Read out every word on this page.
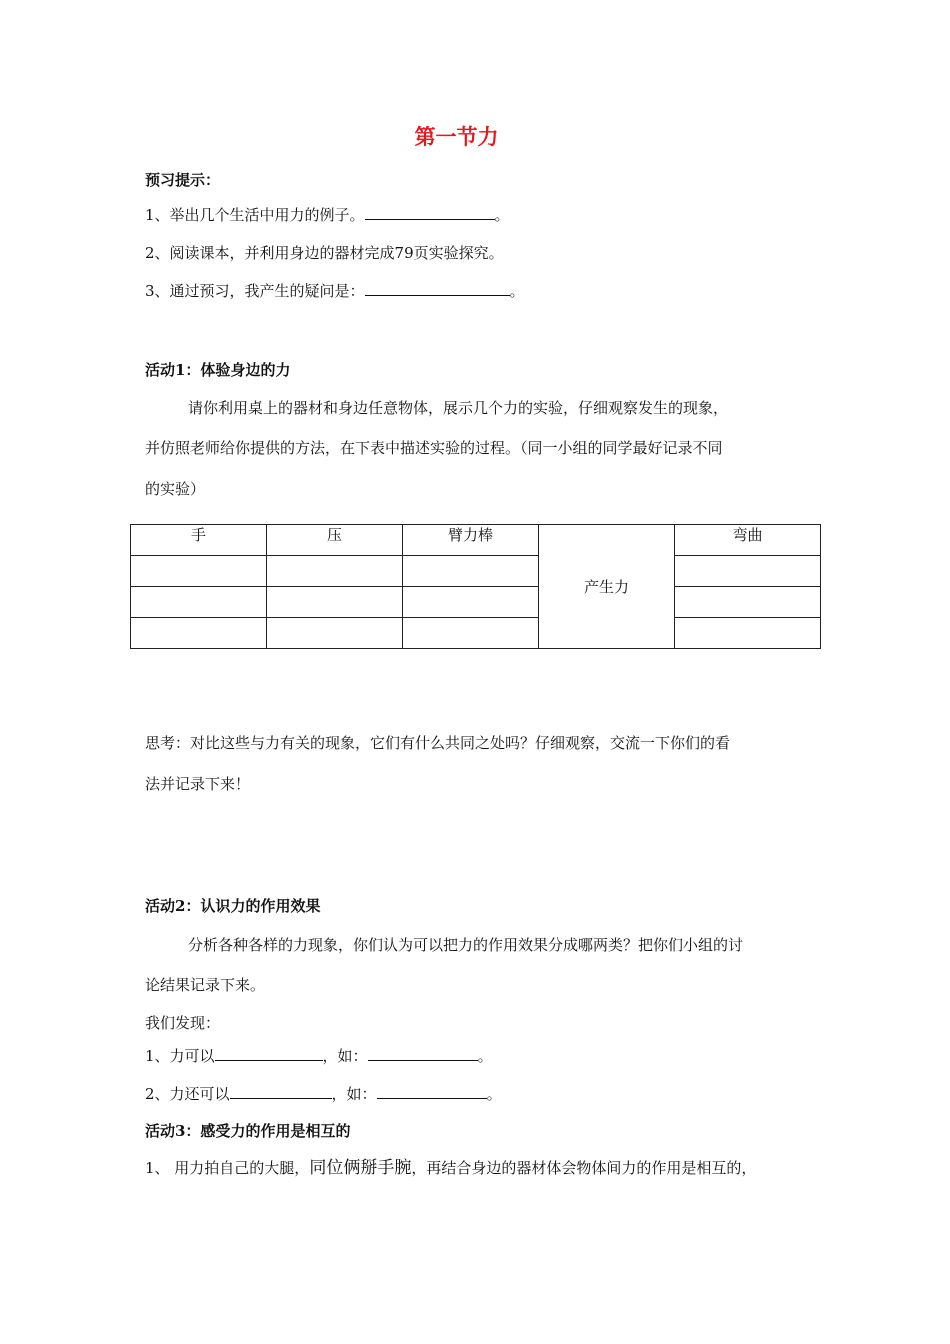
第一节力
预习提示：
1、举出几个生活中用力的例子。	。
2、阅读课本，并利用身边的器材完成79页实验探究。
3、通过预习，我产生的疑问是：	。
活动1：体验身边的力
请你利用桌上的器材和身边任意物体，展示几个力的实验，仔细观察发生的现象，
并仿照老师给你提供的方法，在下表中描述实验的过程。（同一小组的同学最好记录不同
的实验）
手	压	臂力棒	产生力	弯曲

思考：对比这些与力有关的现象，它们有什么共同之处吗？仔细观察，交流一下你们的看
法并记录下来！
活动2：认识力的作用效果
分析各种各样的力现象，你们认为可以把力的作用效果分成哪两类？把你们小组的讨
论结果记录下来。
我们发现：
1、力可以	，如：	。
2、力还可以	，如：	。
活动3：感受力的作用是相互的
1、 用力拍自己的大腿，同位俩掰手腕，再结合身边的器材体会物体间力的作用是相互的，
